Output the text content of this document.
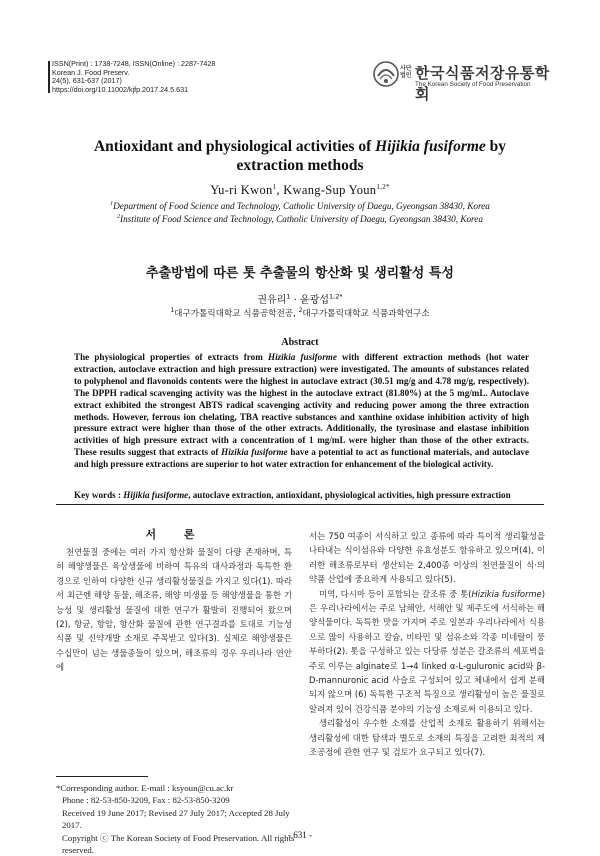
ISSN(Print) : 1738-7248, ISSN(Online) : 2287-7428
Korean J. Food Preserv.
24(5), 631-637 (2017)
https://doi.org/10.11002/kjfp.2017.24.5.631
사단
법인 한국식품저장유통학회
The Korean Society of Food Preservation
Antioxidant and physiological activities of Hijikia fusiforme by extraction methods
Yu-ri Kwon$^1$, Kwang-Sup Youn$^{1,2*}$
$^1$Department of Food Science and Technology, Catholic University of Daegu, Gyeongsan 38430, Korea
$^2$Institute of Food Science and Technology, Catholic University of Daegu, Gyeongsan 38430, Korea
추출방법에 따른 톳 추출물의 항산화 및 생리활성 특성
권유리$^1$ · 윤광섭$^{1,2*}$
$^1$대구가톨릭대학교 식품공학전공, $^2$대구가톨릭대학교 식품과학연구소
Abstract
The physiological properties of extracts from Hizikia fusiforme with different extraction methods (hot water extraction, autoclave extraction and high pressure extraction) were investigated. The amounts of substances related to polyphenol and flavonoids contents were the highest in autoclave extract (30.51 mg/g and 4.78 mg/g, respectively). The DPPH radical scavenging activity was the highest in the autoclave extract (81.80%) at the 5 mg/mL. Autoclave extract exhibited the strongest ABTS radical scavenging activity and reducing power among the three extraction methods. However, ferrous ion chelating, TBA reactive substances and xanthine oxidase inhibition activity of high pressure extract were higher than those of the other extracts. Additionally, the tyrosinase and elastase inhibition activities of high pressure extract with a concentration of 1 mg/mL were higher than those of the other extracts. These results suggest that extracts of Hizikia fusiforme have a potential to act as functional materials, and autoclave and high pressure extractions are superior to hot water extraction for enhancement of the biological activity.
Key words : Hijikia fusiforme, autoclave extraction, antioxidant, physiological activities, high pressure extraction
서 론

천연물질 중에는 여러 가지 항산화 물질이 다량 존재하며, 특히 해양생물은 육상생물에 비하여 특유의 대사과정과 독특한 환경으로 인하여 다양한 신규 생리활성물질을 가지고 있다(1). 따라서 최근엔 해양 동물, 해조류, 해양 미생물 등 해양생물을 통한 기능성 및 생리활성 물질에 대한 연구가 활발히 진행되어 왔으며 (2), 항균, 항암, 항산화 물질에 관한 연구결과를 토대로 기능성 식품 및 신약개발 소재로 주목받고 있다(3). 실제로 해양생물은 수십만이 넘는 생물종들이 있으며, 해조류의 경우 우리나라 연안에

서는 750 여종이 서식하고 있고 종류에 따라 특이적 생리활성을 나타내는 식이섬유와 다양한 유효성분도 함유하고 있으며(4), 이러한 해조류로부터 생산되는 2,400종 이상의 천연물질이 식·의약품 산업에 중요하게 사용되고 있다(5).

미역, 다시마 등이 포함되는 갈조류 중 톳(Hizikia fusiforme)은 우리나라에서는 주로 남해안, 서해안 및 제주도에 서식하는 해양식물이다. 독특한 맛을 가지며 주로 일본과 우리나라에서 식용으로 많이 사용하고 칼슘, 비타민 및 섬유소와 각종 미네랄이 풍부하다(2). 톳을 구성하고 있는 다당류 성분은 갈조류의 세포벽을 주로 이루는 alginate로 1→4 linked α-L-guluronic acid와 β-D-mannuronic acid 사슬로 구성되어 있고 체내에서 쉽게 분해되지 않으며 (6) 독특한 구조적 특징으로 생리활성이 높은 물질로 알려져 있어 건강식품 분야의 기능성 소재로써 이용되고 있다.

생리활성이 우수한 소재를 산업적 소재로 활용하기 위해서는 생리활성에 대한 탐색과 별도로 소재의 특징을 고려한 최적의 제조공정에 관한 연구 및 검토가 요구되고 있다(7).

*Corresponding author. E-mail : ksyoun@cu.ac.kr
Phone : 82-53-850-3209, Fax : 82-53-850-3209
Received 19 June 2017; Revised 27 July 2017; Accepted 28 July 2017.
Copyright ⓒ The Korean Society of Food Preservation. All rights reserved.
- 631 -
